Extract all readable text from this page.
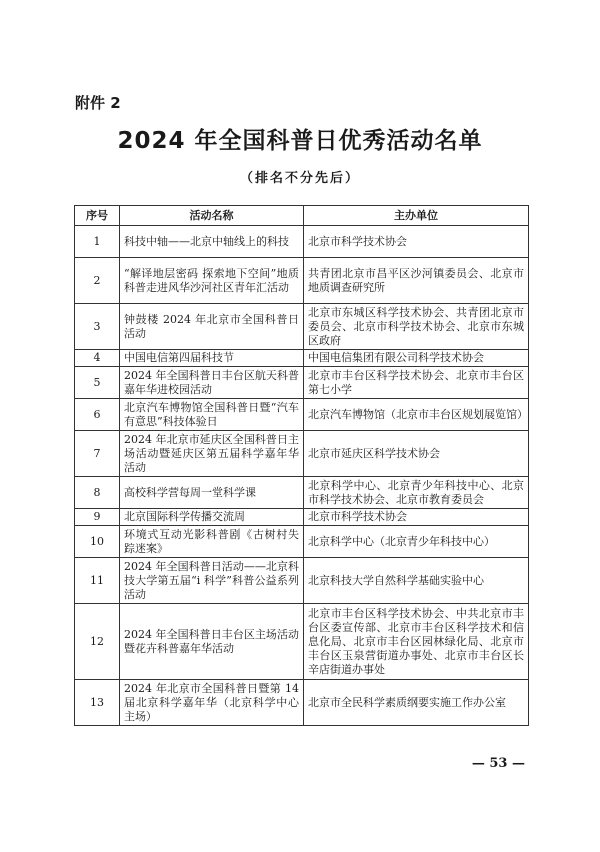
附件 2
2024 年全国科普日优秀活动名单
（排名不分先后）
序号	活动名称	主办单位
1	科技中轴——北京中轴线上的科技	北京市科学技术协会
2	“解译地层密码 探索地下空间”地质科普走进风华沙河社区青年汇活动	共青团北京市昌平区沙河镇委员会、北京市地质调查研究所
3	钟鼓楼 2024 年北京市全国科普日活动	北京市东城区科学技术协会、共青团北京市委员会、北京市科学技术协会、北京市东城区政府
4	中国电信第四届科技节	中国电信集团有限公司科学技术协会
5	2024 年全国科普日丰台区航天科普嘉年华进校园活动	北京市丰台区科学技术协会、北京市丰台区第七小学
6	北京汽车博物馆全国科普日暨“汽车有意思”科技体验日	北京汽车博物馆（北京市丰台区规划展览馆）
7	2024 年北京市延庆区全国科普日主场活动暨延庆区第五届科学嘉年华活动	北京市延庆区科学技术协会
8	高校科学营每周一堂科学课	北京科学中心、北京青少年科技中心、北京市科学技术协会、北京市教育委员会
9	北京国际科学传播交流周	北京市科学技术协会
10	环境式互动光影科普剧《古树村失踪迷案》	北京科学中心（北京青少年科技中心）
11	2024 年全国科普日活动——北京科技大学第五届“i 科学”科普公益系列活动	北京科技大学自然科学基础实验中心
12	2024 年全国科普日丰台区主场活动暨花卉科普嘉年华活动	北京市丰台区科学技术协会、中共北京市丰台区委宣传部、北京市丰台区科学技术和信息化局、北京市丰台区园林绿化局、北京市丰台区玉泉营街道办事处、北京市丰台区长辛店街道办事处
13	2024 年北京市全国科普日暨第 14 届北京科学嘉年华（北京科学中心主场）	北京市全民科学素质纲要实施工作办公室
— 53 —
